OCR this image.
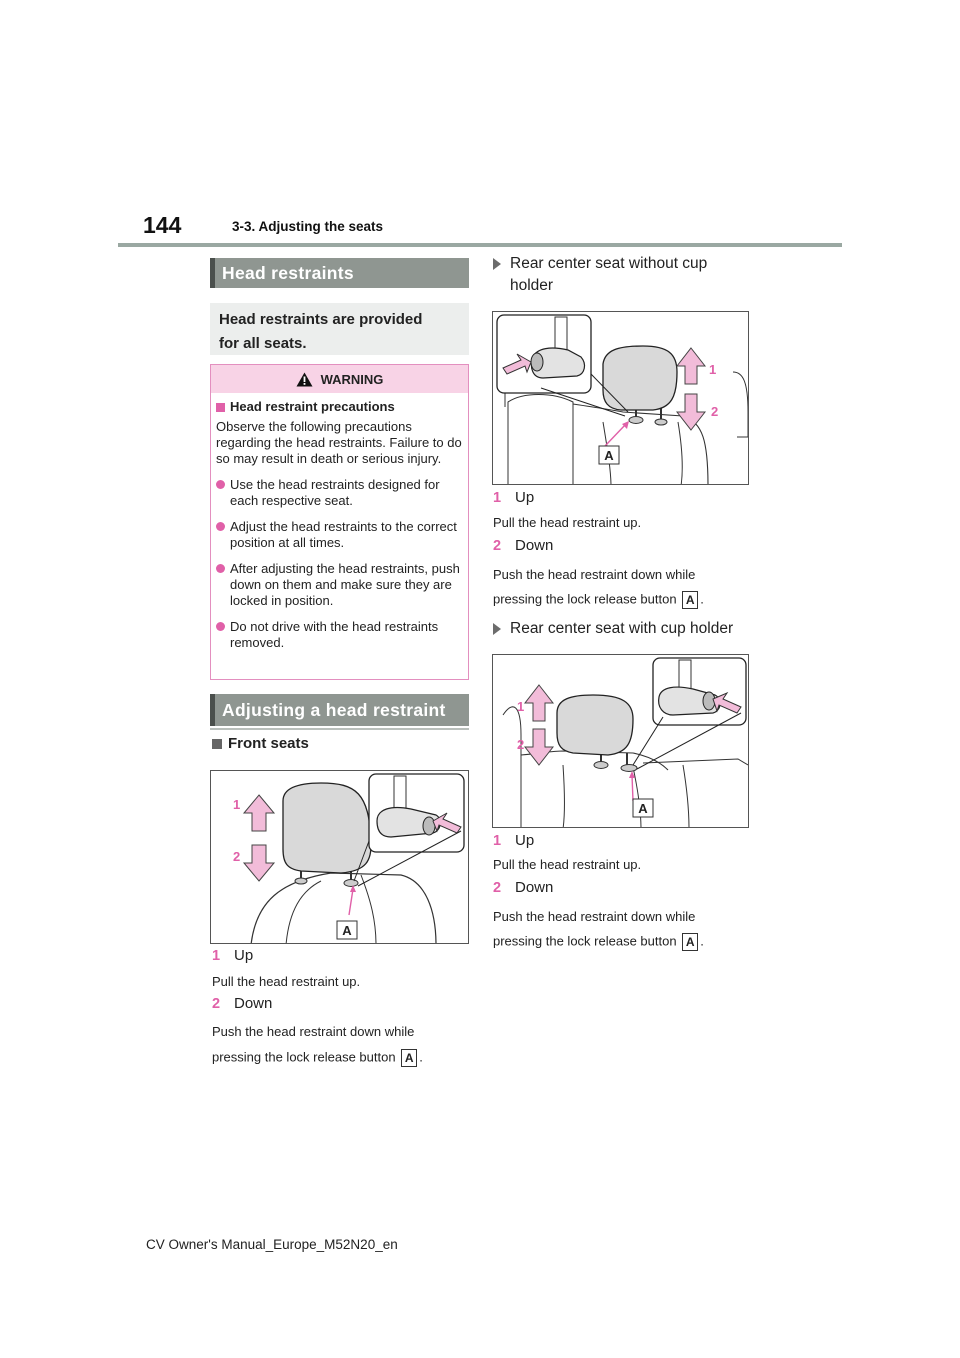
144	3-3. Adjusting the seats
Head restraints
Head restraints are provided
for all seats.
WARNING
Head restraint precautions
Observe the following precautions regarding the head restraints. Failure to do so may result in death or serious injury.
Use the head restraints designed for each respective seat.
Adjust the head restraints to the correct position at all times.
After adjusting the head restraints, push down on them and make sure they are locked in position.
Do not drive with the head restraints removed.
Adjusting a head restraint
Front seats
A
1
2
1 Up
Pull the head restraint up.
2 Down
Push the head restraint down while
pressing the lock release button A .
Rear center seat without cup
holder
A
1
2
1 Up
Pull the head restraint up.
2 Down
Push the head restraint down while
pressing the lock release button A .
Rear center seat with cup holder
A
1
2
1 Up
Pull the head restraint up.
2 Down
Push the head restraint down while
pressing the lock release button A .
CV Owner's Manual_Europe_M52N20_en
